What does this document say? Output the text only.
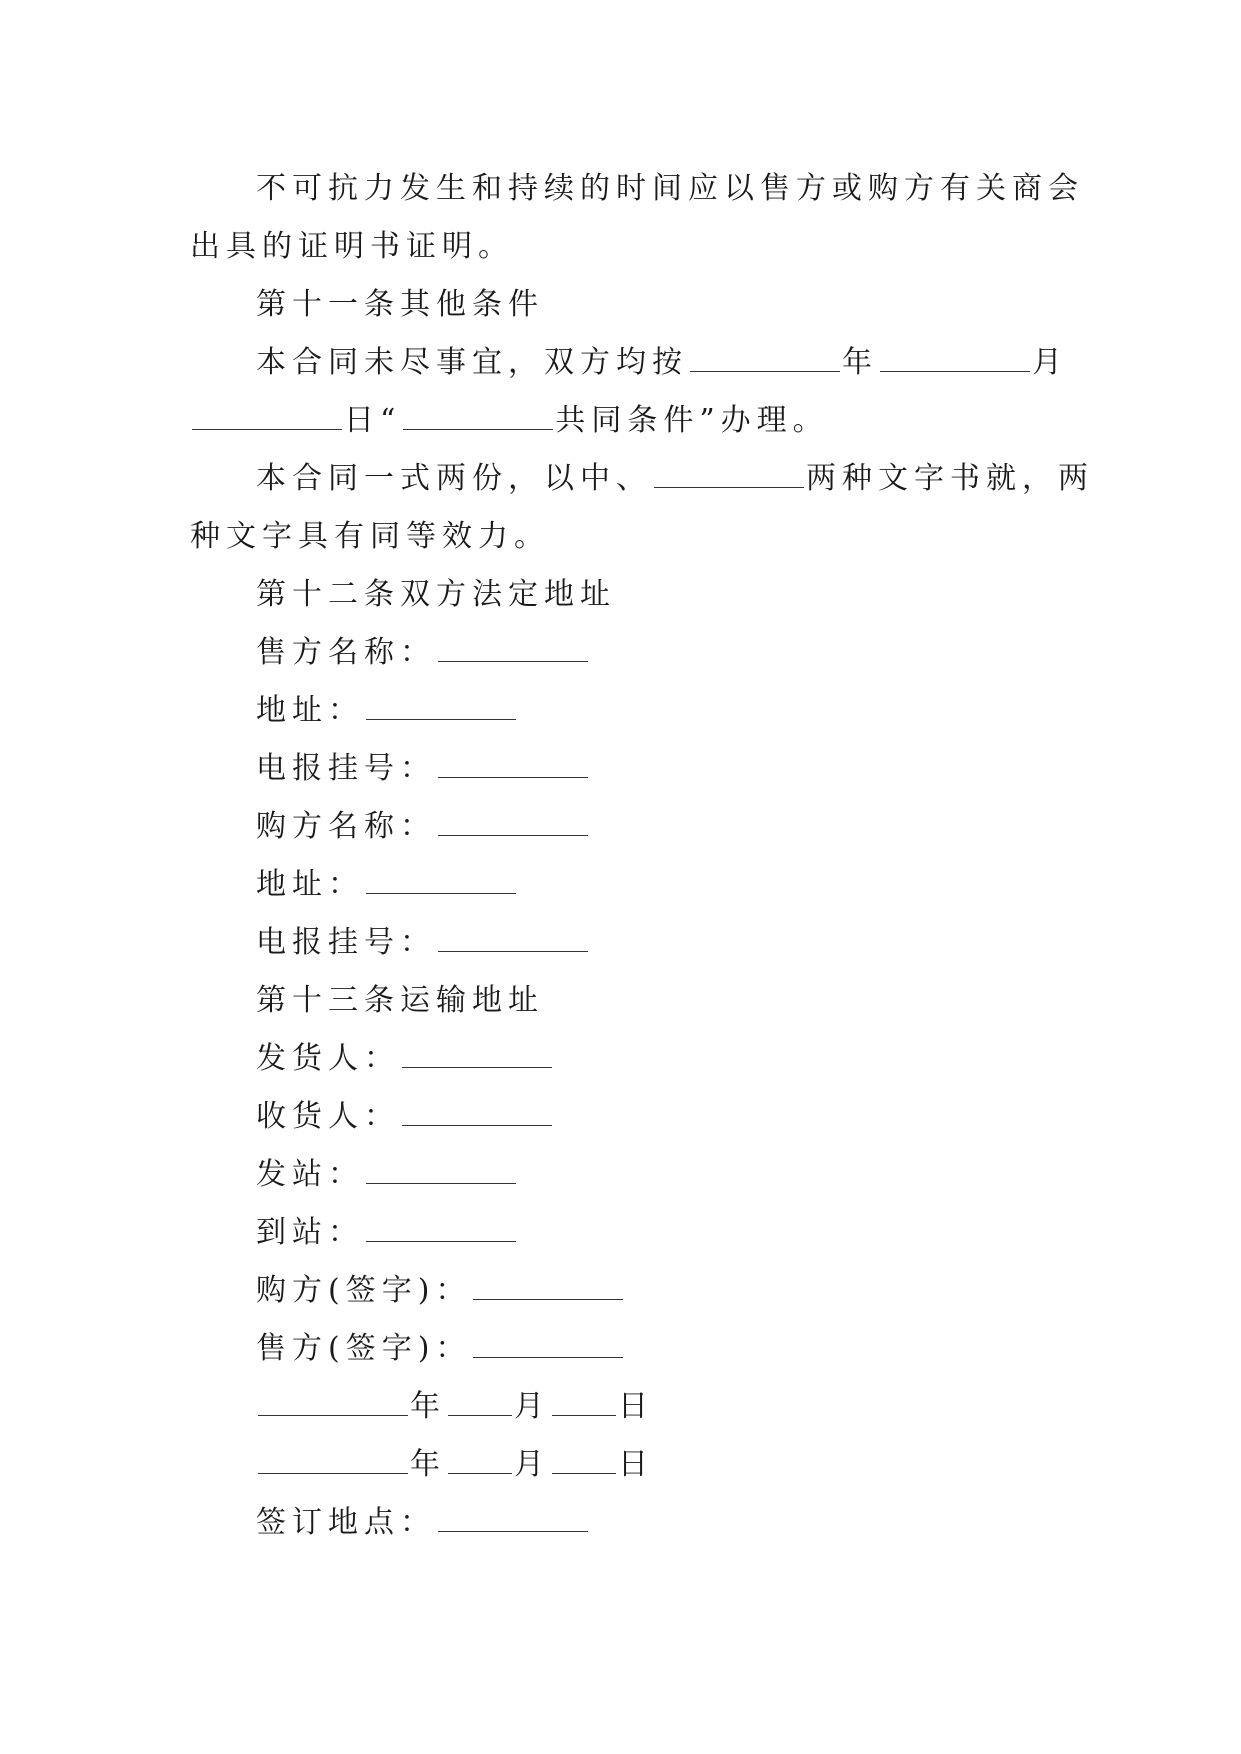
不可抗力发生和持续的时间应以售方或购方有关商会
出具的证明书证明。
第十一条其他条件
本合同未尽事宜，双方均按	年	月
日“	共同条件”办理。
本合同一式两份，以中、	两种文字书就，两
种文字具有同等效力。
第十二条双方法定地址
售方名称：
地址：
电报挂号：
购方名称：
地址：
电报挂号：
第十三条运输地址
发货人：
收货人：
发站：
到站：
购方(签字)：
售方(签字)：
年 月 日
年 月 日
签订地点：
